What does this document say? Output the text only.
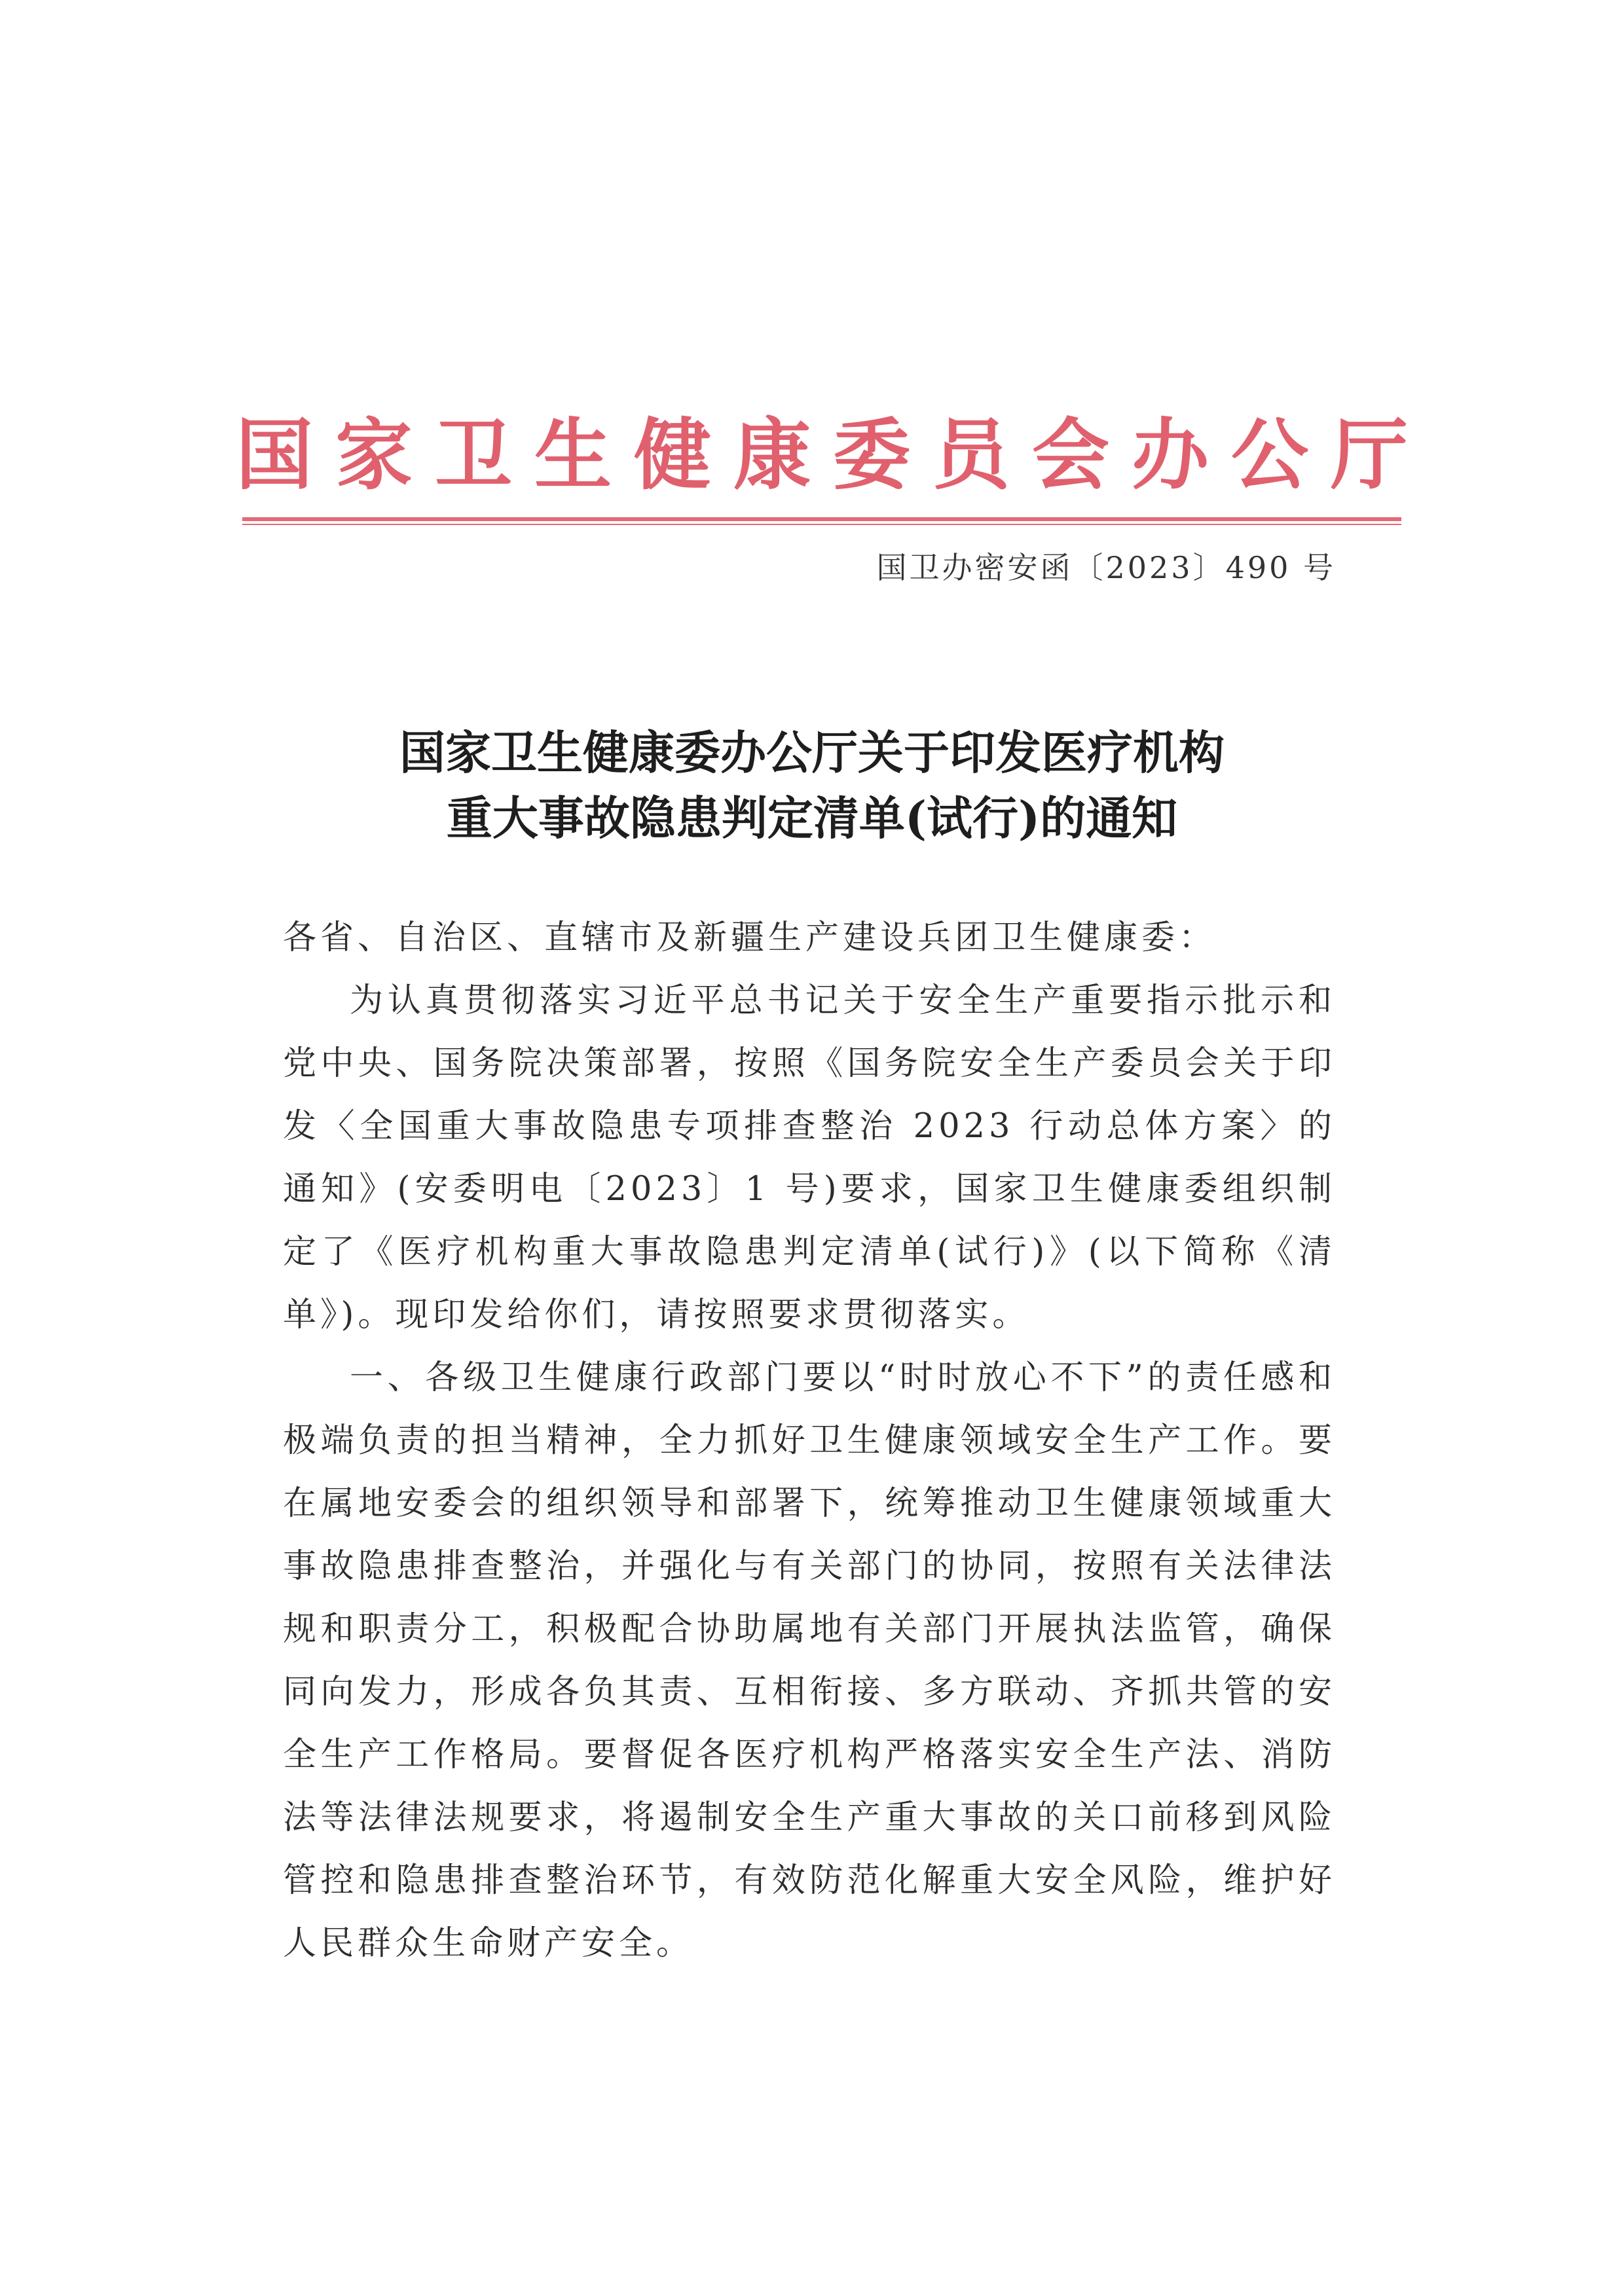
国家卫生健康委员会办公厅

国卫办密安函〔2023〕490 号

国家卫生健康委办公厅关于印发医疗机构
重大事故隐患判定清单(试行)的通知

各省、自治区、直辖市及新疆生产建设兵团卫生健康委：

为认真贯彻落实习近平总书记关于安全生产重要指示批示和党中央、国务院决策部署，按照《国务院安全生产委员会关于印发〈全国重大事故隐患专项排查整治 2023 行动总体方案〉的通知》(安委明电〔2023〕1 号)要求，国家卫生健康委组织制定了《医疗机构重大事故隐患判定清单(试行)》(以下简称《清单》)。现印发给你们，请按照要求贯彻落实。

一、各级卫生健康行政部门要以“时时放心不下”的责任感和极端负责的担当精神，全力抓好卫生健康领域安全生产工作。要在属地安委会的组织领导和部署下，统筹推动卫生健康领域重大事故隐患排查整治，并强化与有关部门的协同，按照有关法律法规和职责分工，积极配合协助属地有关部门开展执法监管，确保同向发力，形成各负其责、互相衔接、多方联动、齐抓共管的安全生产工作格局。要督促各医疗机构严格落实安全生产法、消防法等法律法规要求，将遏制安全生产重大事故的关口前移到风险管控和隐患排查整治环节，有效防范化解重大安全风险，维护好人民群众生命财产安全。
